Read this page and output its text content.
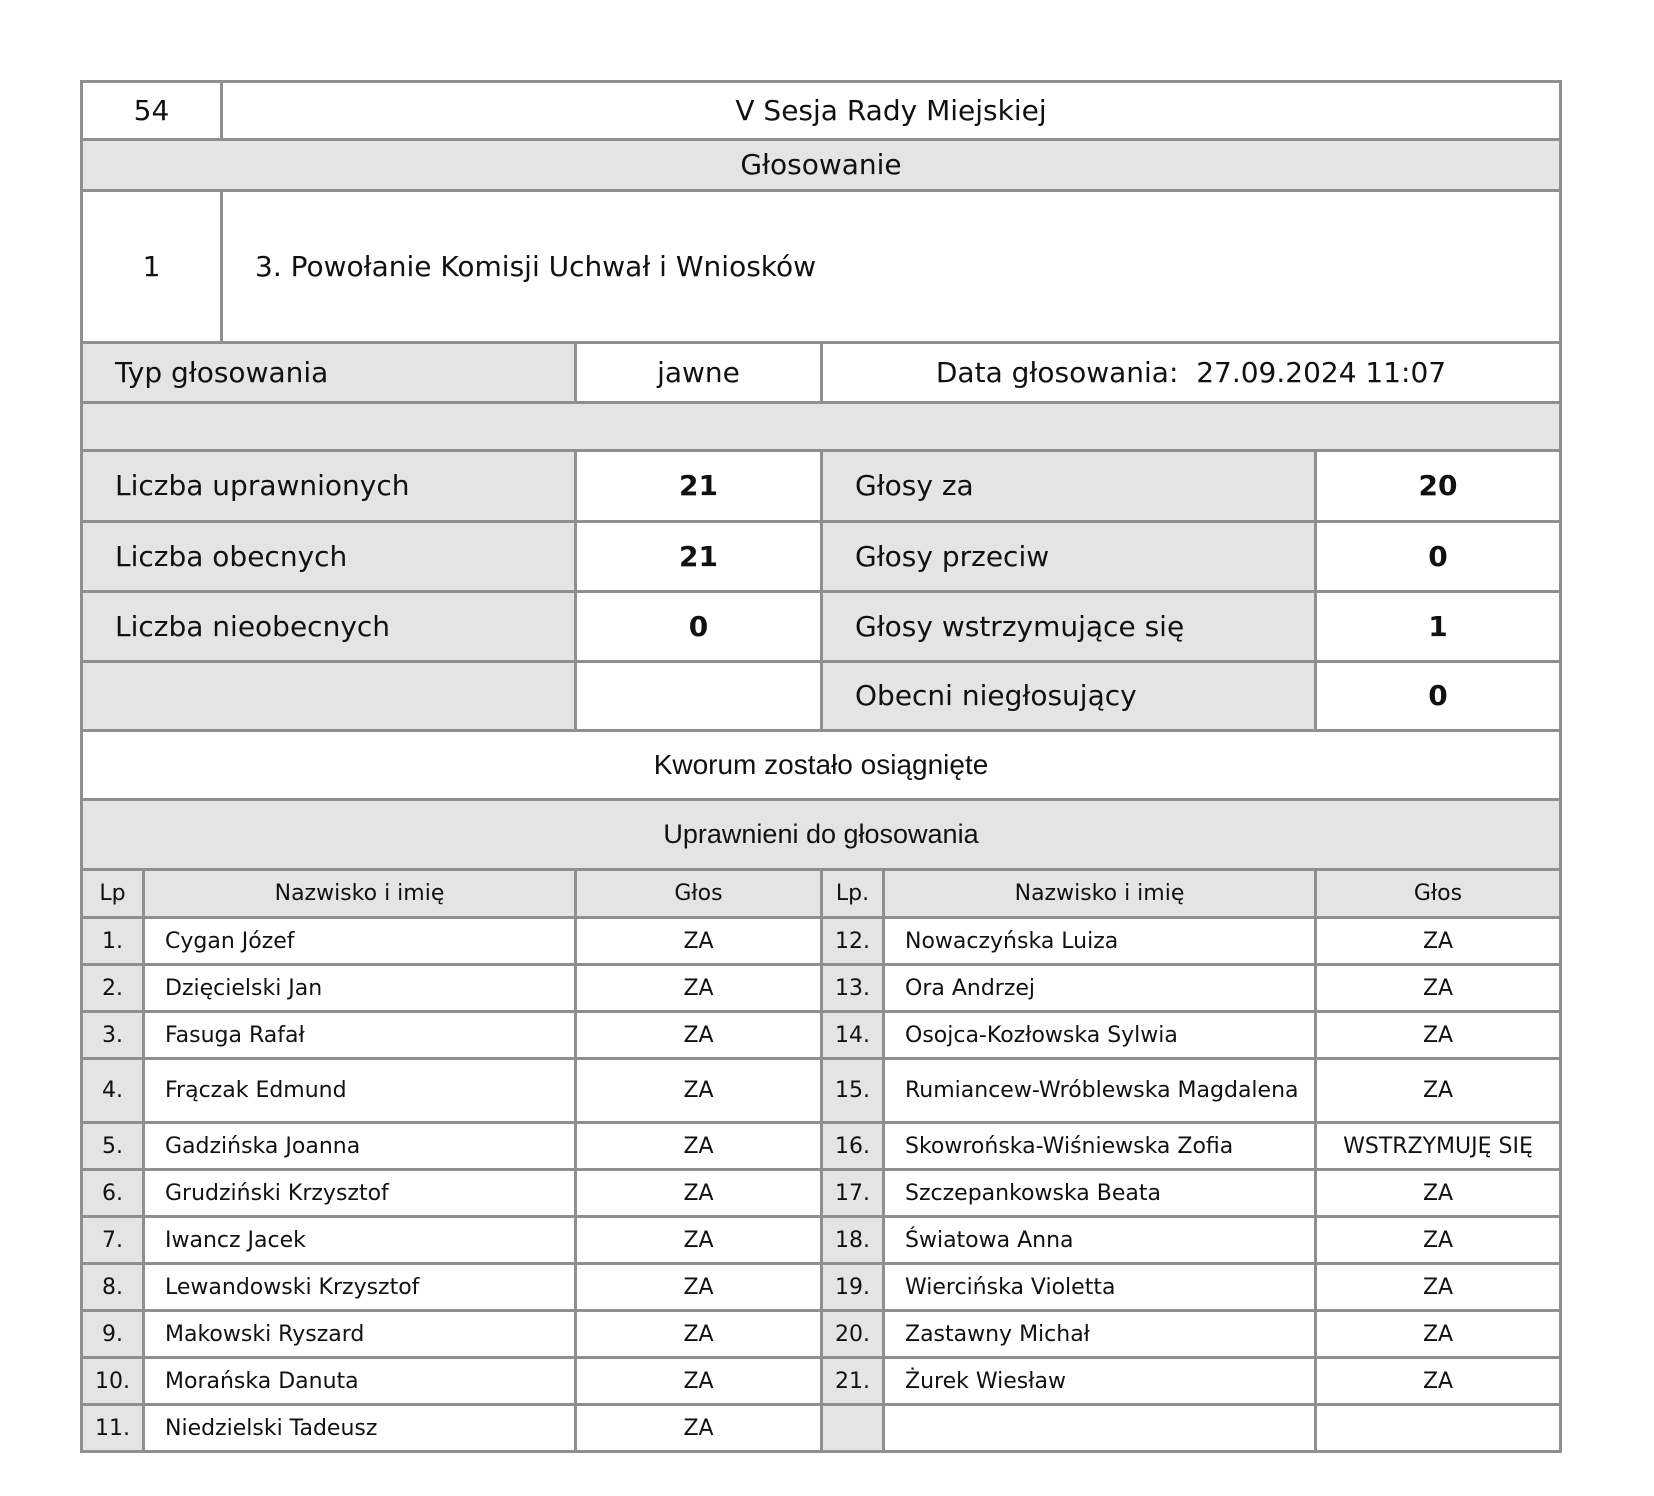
54	V Sesja Rady Miejskiej
Głosowanie
1	3. Powołanie Komisji Uchwał i Wniosków
Typ głosowania	jawne	Data głosowania: 27.09.2024 11:07
Liczba uprawnionych	21	Głosy za	20
Liczba obecnych	21	Głosy przeciw	0
Liczba nieobecnych	0	Głosy wstrzymujące się	1
		Obecni niegłosujący	0
Kworum zostało osiągnięte
Uprawnieni do głosowania
Lp	Nazwisko i imię	Głos	Lp.	Nazwisko i imię	Głos
1.	Cygan Józef	ZA	12.	Nowaczyńska Luiza	ZA
2.	Dzięcielski Jan	ZA	13.	Ora Andrzej	ZA
3.	Fasuga Rafał	ZA	14.	Osojca-Kozłowska Sylwia	ZA
4.	Frączak Edmund	ZA	15.	Rumiancew-Wróblewska Magdalena	ZA
5.	Gadzińska Joanna	ZA	16.	Skowrońska-Wiśniewska Zofia	WSTRZYMUJĘ SIĘ
6.	Grudziński Krzysztof	ZA	17.	Szczepankowska Beata	ZA
7.	Iwancz Jacek	ZA	18.	Światowa Anna	ZA
8.	Lewandowski Krzysztof	ZA	19.	Wiercińska Violetta	ZA
9.	Makowski Ryszard	ZA	20.	Zastawny Michał	ZA
10.	Morańska Danuta	ZA	21.	Żurek Wiesław	ZA
11.	Niedzielski Tadeusz	ZA			
